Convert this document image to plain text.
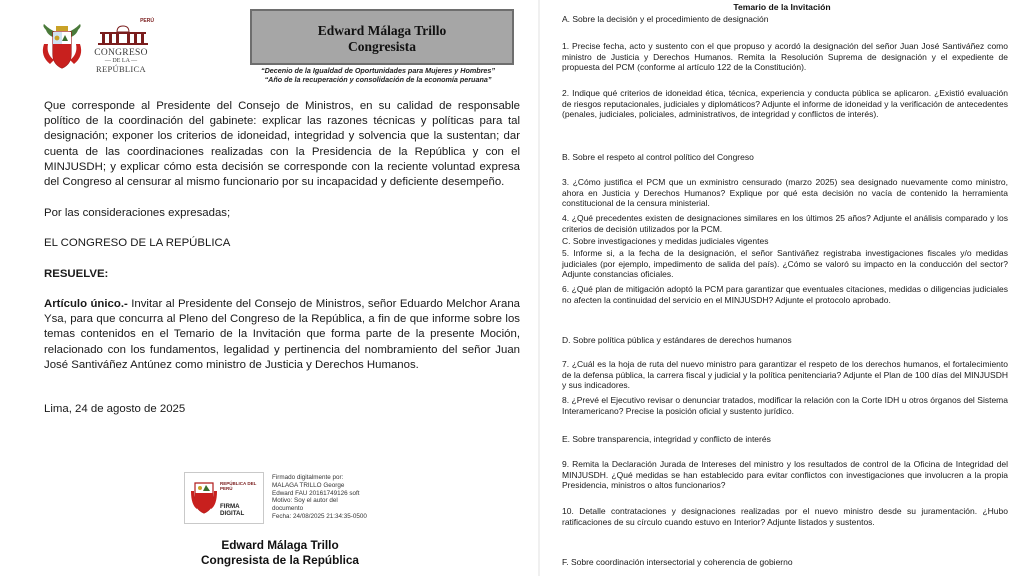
PERÚ
CONGRESO
— DE LA —
REPÚBLICA
Edward Málaga Trillo
Congresista
“Decenio de la Igualdad de Oportunidades para Mujeres y Hombres”
“Año de la recuperación y consolidación de la economía peruana”

Que corresponde al Presidente del Consejo de Ministros, en su calidad de responsable político de la coordinación del gabinete: explicar las razones técnicas y políticas para tal designación; exponer los criterios de idoneidad, integridad y solvencia que la sustentan; dar cuenta de las coordinaciones realizadas con la Presidencia de la República y con el MINJUSDH; y explicar cómo esta decisión se corresponde con la reciente voluntad expresa del Congreso al censurar al mismo funcionario por su incapacidad y deficiente desempeño.

Por las consideraciones expresadas;

EL CONGRESO DE LA REPÚBLICA

RESUELVE:

Artículo único.- Invitar al Presidente del Consejo de Ministros, señor Eduardo Melchor Arana Ysa, para que concurra al Pleno del Congreso de la República, a fin de que informe sobre los temas contenidos en el Temario de la Invitación que forma parte de la presente Moción, relacionado con los fundamentos, legalidad y pertinencia del nombramiento del señor Juan José Santiváñez Antúnez como ministro de Justicia y Derechos Humanos.

Lima, 24 de agosto de 2025

FIRMA
DIGITAL
REPÚBLICA DEL PERÚ
Firmado digitalmente por:
MALAGA TRILLO George
Edward FAU 20161749126 soft
Motivo: Soy el autor del
documento
Fecha: 24/08/2025 21:34:35-0500
Edward Málaga Trillo
Congresista de la República
Temario de la Invitación
A. Sobre la decisión y el procedimiento de designación
1. Precise fecha, acto y sustento con el que propuso y acordó la designación del señor Juan José Santiváñez como ministro de Justicia y Derechos Humanos. Remita la Resolución Suprema de designación y el expediente de propuesta del PCM (conforme al artículo 122 de la Constitución).
2. Indique qué criterios de idoneidad ética, técnica, experiencia y conducta pública se aplicaron. ¿Existió evaluación de riesgos reputacionales, judiciales y diplomáticos? Adjunte el informe de idoneidad y la verificación de antecedentes (penales, judiciales, policiales, administrativos, de integridad y conflictos de interés).
B. Sobre el respeto al control político del Congreso
3. ¿Cómo justifica el PCM que un exministro censurado (marzo 2025) sea designado nuevamente como ministro, ahora en Justicia y Derechos Humanos? Explique por qué esta decisión no vacía de contenido la herramienta constitucional de la censura ministerial.
4. ¿Qué precedentes existen de designaciones similares en los últimos 25 años? Adjunte el análisis comparado y los criterios de decisión utilizados por la PCM.
C. Sobre investigaciones y medidas judiciales vigentes
5. Informe si, a la fecha de la designación, el señor Santiváñez registraba investigaciones fiscales y/o medidas judiciales (por ejemplo, impedimento de salida del país). ¿Cómo se valoró su impacto en la conducción del sector? Adjunte constancias oficiales.
6. ¿Qué plan de mitigación adoptó la PCM para garantizar que eventuales citaciones, medidas o diligencias judiciales no afecten la continuidad del servicio en el MINJUSDH? Adjunte el protocolo aprobado.
D. Sobre política pública y estándares de derechos humanos
7. ¿Cuál es la hoja de ruta del nuevo ministro para garantizar el respeto de los derechos humanos, el fortalecimiento de la defensa pública, la carrera fiscal y judicial y la política penitenciaria? Adjunte el Plan de 100 días del MINJUSDH y sus indicadores.
8. ¿Prevé el Ejecutivo revisar o denunciar tratados, modificar la relación con la Corte IDH u otros órganos del Sistema Interamericano? Precise la posición oficial y sustento jurídico.
E. Sobre transparencia, integridad y conflicto de interés
9. Remita la Declaración Jurada de Intereses del ministro y los resultados de control de la Oficina de Integridad del MINJUSDH. ¿Qué medidas se han establecido para evitar conflictos con investigaciones que involucren a la propia Presidencia, ministros o altos funcionarios?
10. Detalle contrataciones y designaciones realizadas por el nuevo ministro desde su juramentación. ¿Hubo ratificaciones de su círculo cuando estuvo en Interior? Adjunte listados y sustentos.
F. Sobre coordinación intersectorial y coherencia de gobierno
